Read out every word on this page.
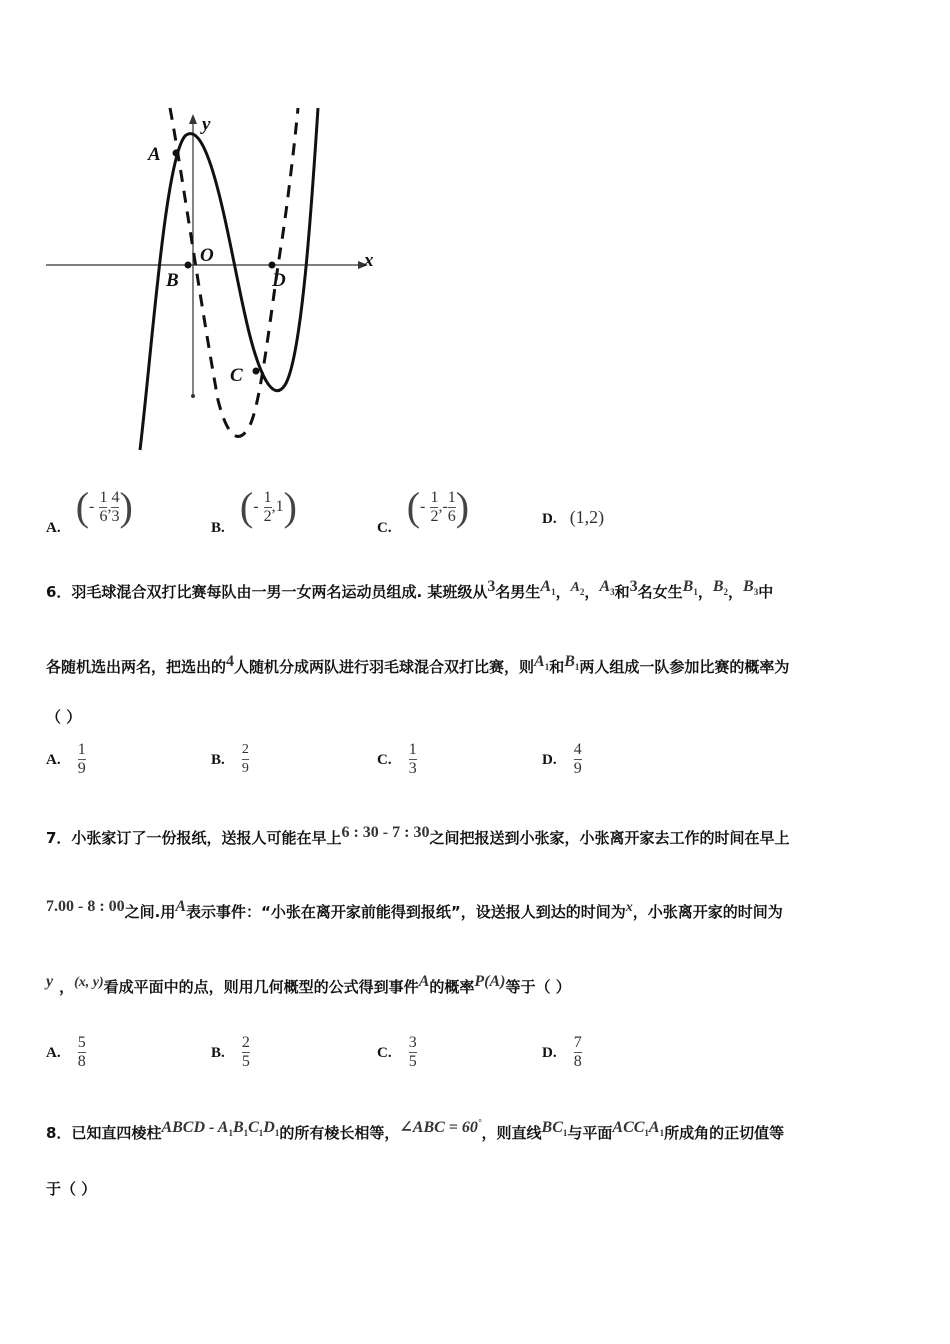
A
B
C
D
O	x
y
A. (- $\frac{1}{6}$ , $\frac{4}{3}$ )	B. (- $\frac{1}{2} ,1$)	C. (- $\frac{1}{2}$ ,- $\frac{1}{6}$ )	D. (1,2)
6．羽毛球混合双打比赛每队由一男一女两名运动员组成. 某班级从$^3$名男生$^{A_1}$，$^{A_2}$，$^{A_3}$和$^3$名女生$^{B_1}$，$^{B_2}$，$^{B_3}$中
各随机选出两名，把选出的$^4$人随机分成两队进行羽毛球混合双打比赛，则$^{A_1}$和$^{B_1}$两人组成一队参加比赛的概率为
（ ）
A. $\frac{1}{9}$	B. $\frac{2}{9}$	C. $\frac{1}{3}$	D. $\frac{4}{9}$
7．小张家订了一份报纸，送报人可能在早上$^{6 : 30 - 7 : 30}$之间把报送到小张家，小张离开家去工作的时间在早上
$^{7.00 - 8 : 00}$之间.用$^A$表示事件：“小张在离开家前能得到报纸”，设送报人到达的时间为$^x$，小张离开家的时间为
$^y$ ，$^{(x, y)}$看成平面中的点，则用几何概型的公式得到事件$^A$的概率$^{P(A)}$等于（ ）
A. $\frac{5}{8}$	B. $\frac{2}{5}$	C. $\frac{3}{5}$	D. $\frac{7}{8}$
8．已知直四棱柱$^{ABCD - A_1B_1C_1D_1}$的所有棱长相等，$^{\angle ABC = 60^\circ}$，则直线$^{BC_1}$与平面$^{ACC_1A_1}$所成角的正切值等
于（ ）
